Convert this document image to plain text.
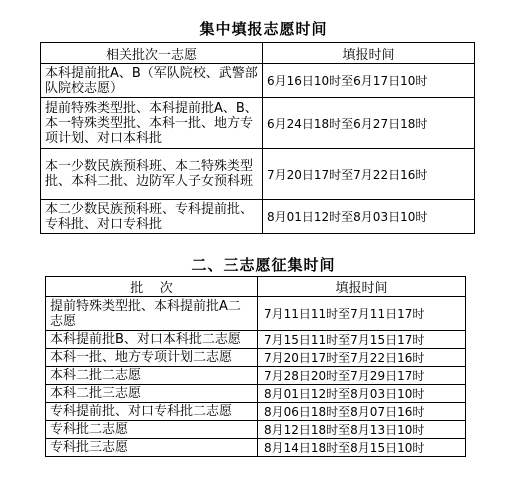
集中填报志愿时间
相关批次一志愿	填报时间
本科提前批A、B（军队院校、武警部队院校志愿）	6月16日10时至6月17日10时
提前特殊类型批、本科提前批A、B、本一特殊类型批、本科一批、地方专项计划、对口本科批	6月24日18时至6月27日18时
本一少数民族预科班、本二特殊类型批、本科二批、边防军人子女预科班	7月20日17时至7月22日16时
本二少数民族预科班、专科提前批、专科批、对口专科批	8月01日12时至8月03日10时
二、三志愿征集时间
批    次	填报时间
提前特殊类型批、本科提前批A二志愿	7月11日11时至7月11日17时
本科提前批B、对口本科批二志愿	7月15日11时至7月15日17时
本科一批、地方专项计划二志愿	7月20日17时至7月22日16时
本科二批二志愿	7月28日20时至7月29日17时
本科二批三志愿	8月01日12时至8月03日10时
专科提前批、对口专科批二志愿	8月06日18时至8月07日16时
专科批二志愿	8月12日18时至8月13日10时
专科批三志愿	8月14日18时至8月15日10时
